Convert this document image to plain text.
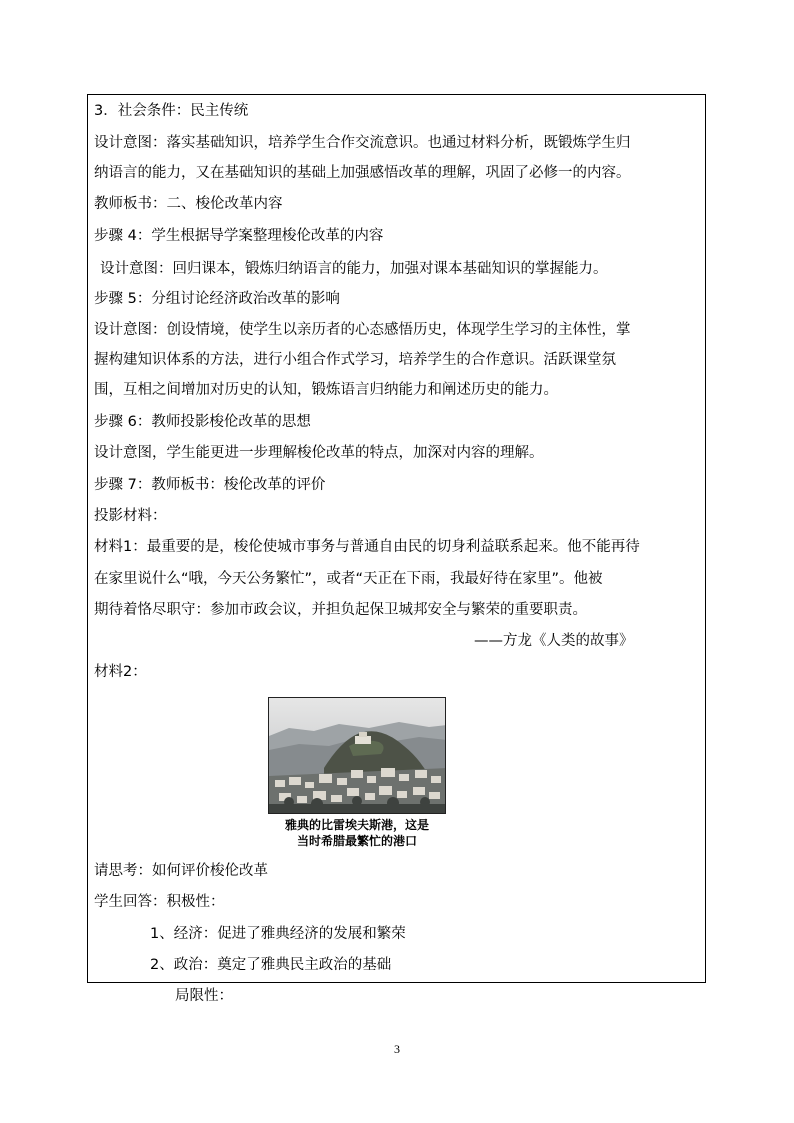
3．社会条件：民主传统
设计意图：落实基础知识，培养学生合作交流意识。也通过材料分析，既锻炼学生归
纳语言的能力，又在基础知识的基础上加强感悟改革的理解，巩固了必修一的内容。
教师板书：二、梭伦改革内容
步骤 4：学生根据导学案整理梭伦改革的内容
设计意图：回归课本，锻炼归纳语言的能力，加强对课本基础知识的掌握能力。
步骤 5：分组讨论经济政治改革的影响
设计意图：创设情境，使学生以亲历者的心态感悟历史，体现学生学习的主体性，掌
握构建知识体系的方法，进行小组合作式学习，培养学生的合作意识。活跃课堂氛
围，互相之间增加对历史的认知，锻炼语言归纳能力和阐述历史的能力。
步骤 6：教师投影梭伦改革的思想
设计意图，学生能更进一步理解梭伦改革的特点，加深对内容的理解。
步骤 7：教师板书：梭伦改革的评价
投影材料：
材料1：最重要的是，梭伦使城市事务与普通自由民的切身利益联系起来。他不能再待
在家里说什么“哦，今天公务繁忙”，或者“天正在下雨，我最好待在家里”。他被
期待着恪尽职守：参加市政会议，并担负起保卫城邦安全与繁荣的重要职责。
——方龙《人类的故事》
材料2：
雅典的比雷埃夫斯港，这是
当时希腊最繁忙的港口
请思考：如何评价梭伦改革
学生回答：积极性：
1、经济：促进了雅典经济的发展和繁荣
2、政治：奠定了雅典民主政治的基础
局限性：
3
